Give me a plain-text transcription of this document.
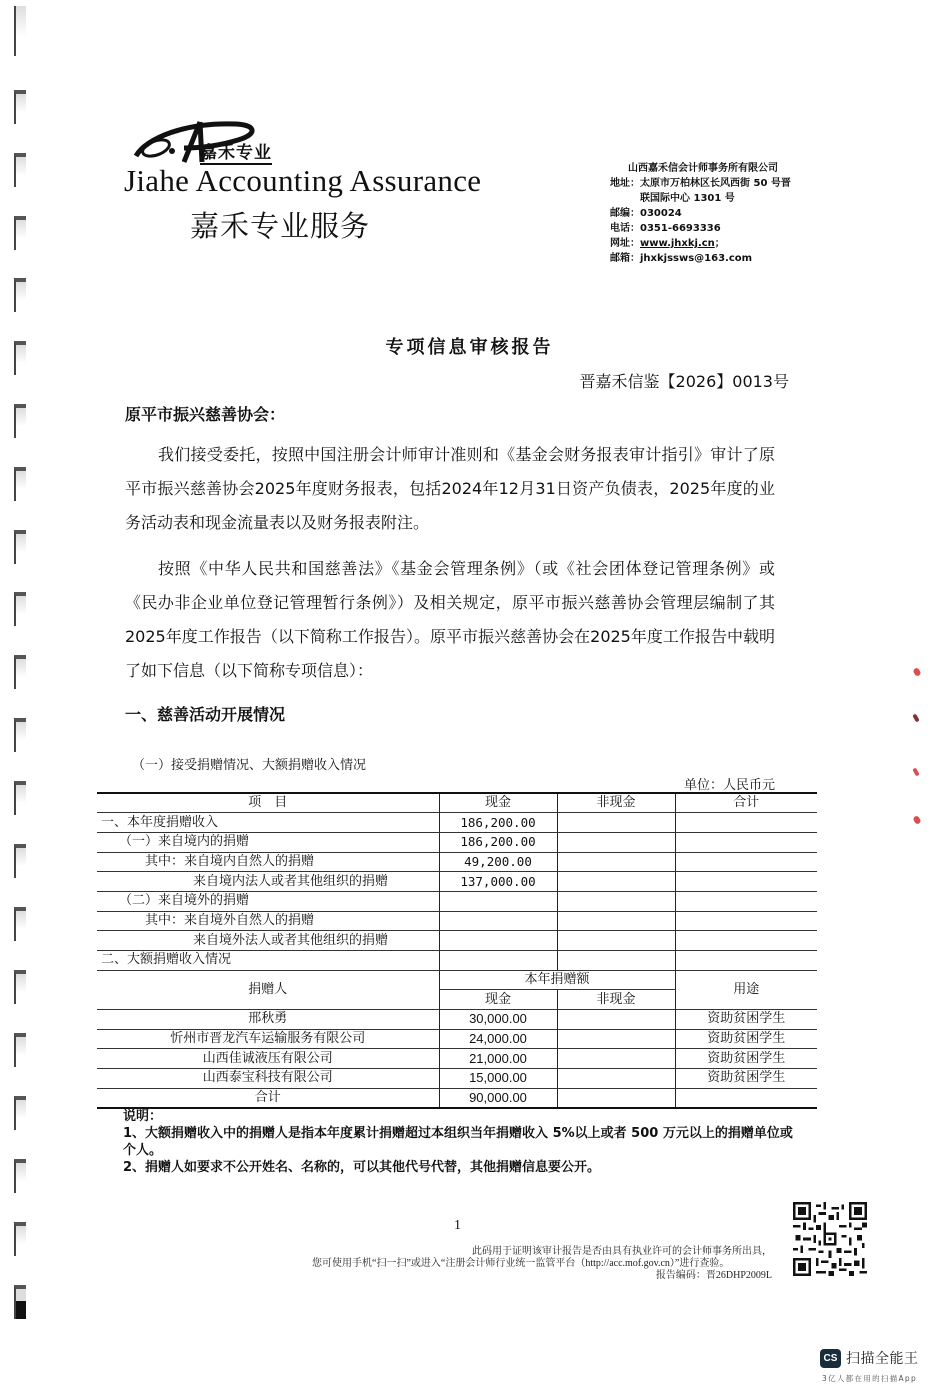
嘉禾专业
Jiahe Accounting Assurance
嘉禾专业服务
山西嘉禾信会计师事务所有限公司
地址： 太原市万柏林区长风西街 50 号晋
联国际中心 1301 号
邮编： 030024
电话： 0351-6693336
网址： www.jhxkj.cn ；
邮箱： jhxkjssws@163.com
专项信息审核报告
晋嘉禾信鉴【2026】0013号
原平市振兴慈善协会：
我们接受委托，按照中国注册会计师审计准则和《基金会财务报表审计指引》审计了原平市振兴慈善协会2025年度财务报表，包括2024年12月31日资产负债表，2025年度的业务活动表和现金流量表以及财务报表附注。
按照《中华人民共和国慈善法》《基金会管理条例》（或《社会团体登记管理条例》或《民办非企业单位登记管理暂行条例》）及相关规定，原平市振兴慈善协会管理层编制了其2025年度工作报告（以下简称工作报告）。原平市振兴慈善协会在2025年度工作报告中载明了如下信息（以下简称专项信息）：
一、慈善活动开展情况
（一）接受捐赠情况、大额捐赠收入情况
单位：人民币元
项　目	现金	非现金	合计
一、本年度捐赠收入	186,200.00		
（一）来自境内的捐赠	186,200.00		
其中：来自境内自然人的捐赠	49,200.00		
来自境内法人或者其他组织的捐赠	137,000.00		
（二）来自境外的捐赠			
其中：来自境外自然人的捐赠			
来自境外法人或者其他组织的捐赠			
二、大额捐赠收入情况			
捐赠人	本年捐赠额		用途
	现金	非现金	
邢秋勇	30,000.00		资助贫困学生
忻州市晋龙汽车运输服务有限公司	24,000.00		资助贫困学生
山西佳诚液压有限公司	21,000.00		资助贫困学生
山西泰宝科技有限公司	15,000.00		资助贫困学生
合计	90,000.00		
说明：
1、大额捐赠收入中的捐赠人是指本年度累计捐赠超过本组织当年捐赠收入 5%以上或者 500 万元以上的捐赠单位或个人。
2、捐赠人如要求不公开姓名、名称的，可以其他代号代替，其他捐赠信息要公开。
1
此码用于证明该审计报告是否由具有执业许可的会计师事务所出具，
您可使用手机“扫一扫”或进入“注册会计师行业统一监管平台（http://acc.mof.gov.cn）”进行查验。
报告编码：晋26DHP2009L
CS 扫描全能王
3亿人都在用的扫描App
